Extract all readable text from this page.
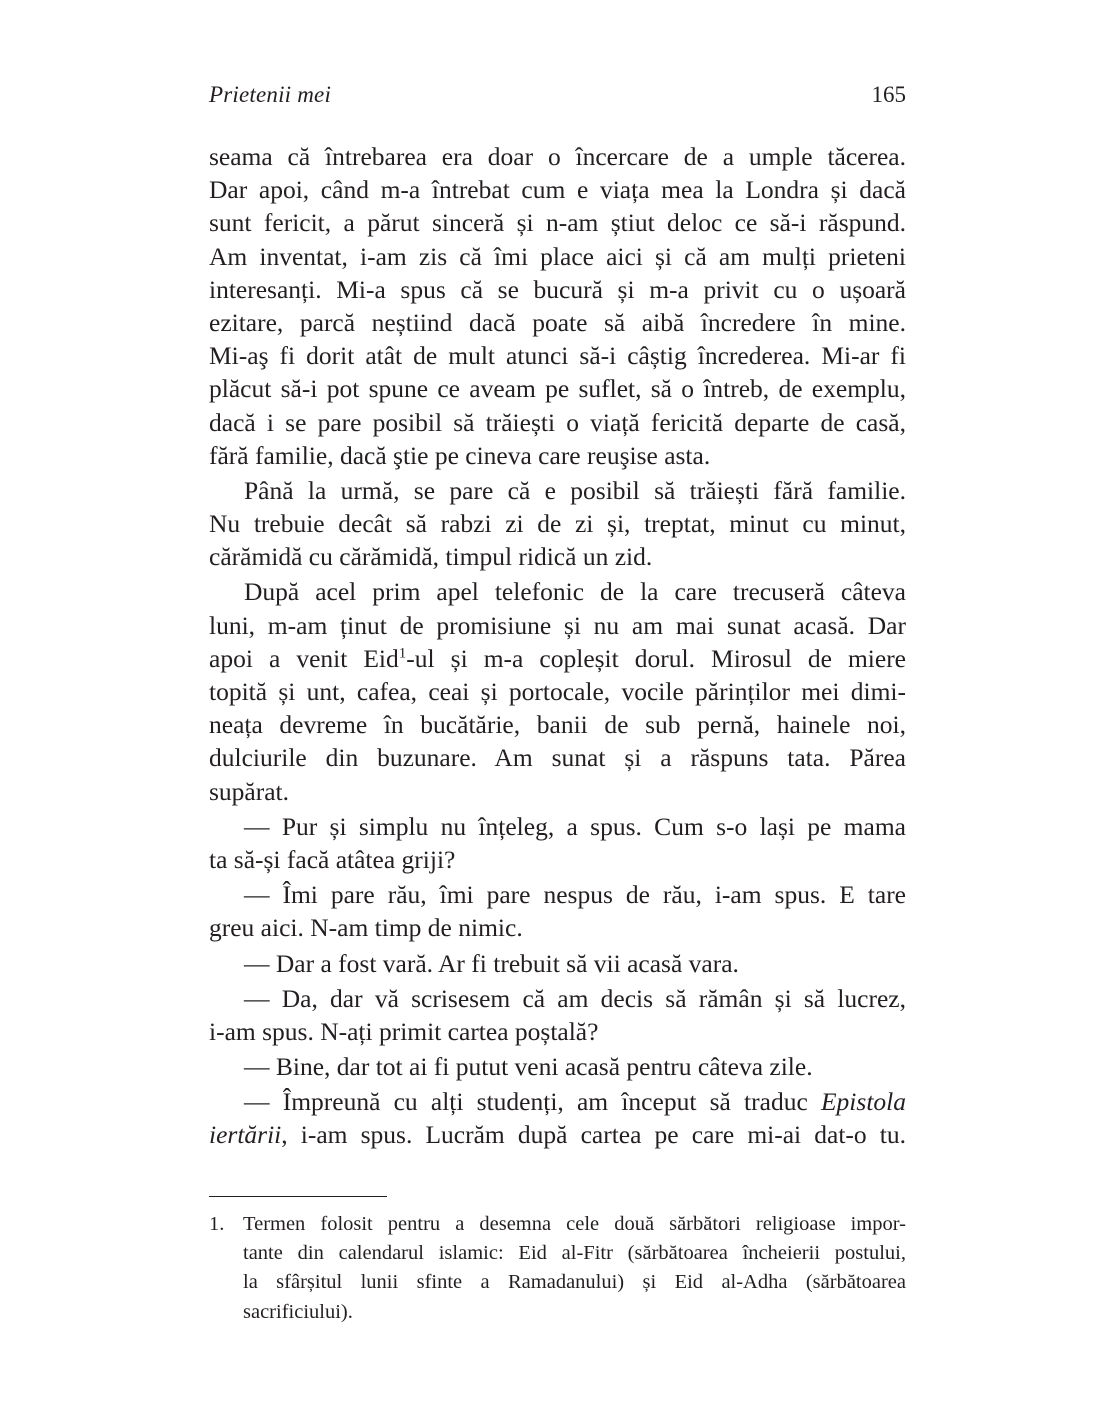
Prietenii mei	165
seama că întrebarea era doar o încercare de a umple tăcerea.
Dar apoi, când m-a întrebat cum e viața mea la Londra și dacă
sunt fericit, a părut sinceră și n-am știut deloc ce să-i răspund.
Am inventat, i-am zis că îmi place aici și că am mulți prieteni
interesanți. Mi-a spus că se bucură și m-a privit cu o ușoară
ezitare, parcă neștiind dacă poate să aibă încredere în mine.
Mi-aş fi dorit atât de mult atunci să-i câștig încrederea. Mi-ar fi
plăcut să-i pot spune ce aveam pe suflet, să o întreb, de exemplu,
dacă i se pare posibil să trăiești o viață fericită departe de casă,
fără familie, dacă ştie pe cineva care reuşise asta.
Până la urmă, se pare că e posibil să trăiești fără familie.
Nu trebuie decât să rabzi zi de zi și, treptat, minut cu minut,
cărămidă cu cărămidă, timpul ridică un zid.
După acel prim apel telefonic de la care trecuseră câteva
luni, m-am ținut de promisiune și nu am mai sunat acasă. Dar
apoi a venit Eid$^1$-ul și m-a copleșit dorul. Mirosul de miere
topită și unt, cafea, ceai și portocale, vocile părinților mei dimi-
neața devreme în bucătărie, banii de sub pernă, hainele noi,
dulciurile din buzunare. Am sunat și a răspuns tata. Părea
supărat.
— Pur și simplu nu înțeleg, a spus. Cum s-o lași pe mama
ta să-și facă atâtea griji?
— Îmi pare rău, îmi pare nespus de rău, i-am spus. E tare
greu aici. N-am timp de nimic.
— Dar a fost vară. Ar fi trebuit să vii acasă vara.
— Da, dar vă scrisesem că am decis să rămân și să lucrez,
i-am spus. N-ați primit cartea poștală?
— Bine, dar tot ai fi putut veni acasă pentru câteva zile.
— Împreună cu alți studenți, am început să traduc Epistola
iertării, i-am spus. Lucrăm după cartea pe care mi-ai dat-o tu.
1. Termen folosit pentru a desemna cele două sărbători religioase impor-
tante din calendarul islamic: Eid al-Fitr (sărbătoarea încheierii postului,
la sfârșitul lunii sfinte a Ramadanului) și Eid al-Adha (sărbătoarea
sacrificiului).
